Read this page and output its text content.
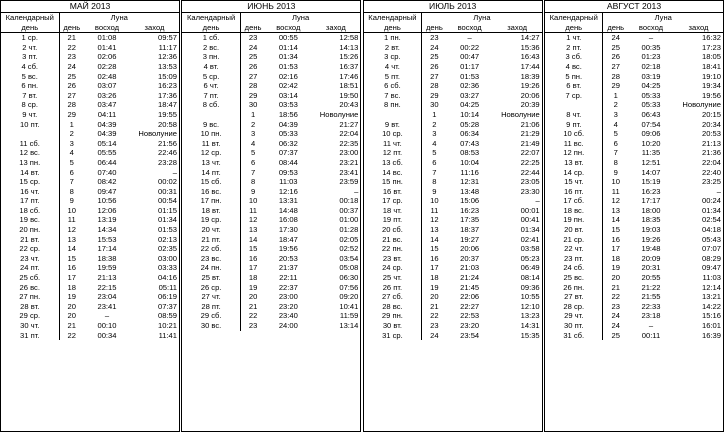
МАЙ 2013			
Календарный
день	Луна		
	день	восход	заход
1 ср.	21	01:08	09:57
2 чт.	22	01:41	11:17
3 пт.	23	02:06	12:36
4 сб.	24	02:28	13:53
5 вс.	25	02:48	15:09
6 пн.	26	03:07	16:23
7 вт.	27	03:26	17:36
8 ср.	28	03:47	18:47
9 чт.	29	04:11	19:55
10 пт.	1	04:39	20:58
	2	04:39	Новолуние
11 сб.	3	05:14	21:56
12 вс.	4	05:55	22:46
13 пн.	5	06:44	23:28
14 вт.	6	07:40	–
15 ср.	7	08:42	00:02
16 чт.	8	09:47	00:31
17 пт.	9	10:56	00:54
18 сб.	10	12:06	01:15
19 вс.	11	13:19	01:34
20 пн.	12	14:34	01:53
21 вт.	13	15:53	02:13
22 ср.	14	17:14	02:35
23 чт.	15	18:38	03:00
24 пт.	16	19:59	03:33
25 сб.	17	21:13	04:16
26 вс.	18	22:15	05:11
27 пн.	19	23:04	06:19
28 вт.	20	23:41	07:37
29 ср.	20	–	08:59
30 чт.	21	00:10	10:21
31 пт.	22	00:34	11:41
ИЮНЬ 2013			
Календарный
день	Луна		
	день	восход	заход
1 сб.	23	00:55	12:58
2 вс.	24	01:14	14:13
3 пн.	25	01:34	15:26
4 вт.	26	01:53	16:37
5 ср.	27	02:16	17:46
6 чт.	28	02:42	18:51
7 пт.	29	03:14	19:50
8 сб.	30	03:53	20:43
	1	18:56	Новолуние
9 вс.	2	04:39	21:27
10 пн.	3	05:33	22:04
11 вт.	4	06:32	22:35
12 ср.	5	07:37	23:00
13 чт.	6	08:44	23:21
14 пт.	7	09:53	23:41
15 сб.	8	11:03	23:59
16 вс.	9	12:16	–
17 пн.	10	13:31	00:18
18 вт.	11	14:48	00:37
19 ср.	12	16:08	01:00
20 чт.	13	17:30	01:28
21 пт.	14	18:47	02:05
22 сб.	15	19:56	02:52
23 вс.	16	20:53	03:54
24 пн.	17	21:37	05:08
25 вт.	18	22:11	06:30
26 ср.	19	22:37	07:56
27 чт.	20	23:00	09:20
28 пт.	21	23:20	10:41
29 сб.	22	23:40	11:59
30 вс.	23	24:00	13:14
ИЮЛЬ 2013			
Календарный
день	Луна		
	день	восход	заход
1 пн.	23	–	14:27
2 вт.	24	00:22	15:36
3 ср.	25	00:47	16:43
4 чт.	26	01:17	17:44
5 пт.	27	01:53	18:39
6 сб.	28	02:36	19:26
7 вс.	29	03:27	20:06
8 пн.	30	04:25	20:39
	1	10:14	Новолуние
9 вт.	2	05:28	21:06
10 ср.	3	06:34	21:29
11 чт.	4	07:43	21:49
12 пт.	5	08:53	22:07
13 сб.	6	10:04	22:25
14 вс.	7	11:16	22:44
15 пн.	8	12:31	23:05
16 вт.	9	13:48	23:30
17 ср.	10	15:06	–
18 чт.	11	16:23	00:01
19 пт.	12	17:35	00:41
20 сб.	13	18:37	01:34
21 вс.	14	19:27	02:41
22 пн.	15	20:06	03:58
23 вт.	16	20:37	05:23
24 ср.	17	21:03	06:49
25 чт.	18	21:24	08:14
26 пт.	19	21:45	09:36
27 сб.	20	22:06	10:55
28 вс.	21	22:27	12:10
29 пн.	22	22:53	13:23
30 вт.	23	23:20	14:31
31 ср.	24	23:54	15:35
АВГУСТ 2013			
Календарный
день	Луна		
	день	восход	заход
1 чт.	24	–	16:32
2 пт.	25	00:35	17:23
3 сб.	26	01:23	18:05
4 вс.	27	02:18	18:41
5 пн.	28	03:19	19:10
6 вт.	29	04:25	19:34
7 ср.	1	05:33	19:56
	2	05:33	Новолуние
8 чт.	3	06:43	20:15
9 пт.	4	07:54	20:34
10 сб.	5	09:06	20:53
11 вс.	6	10:20	21:13
12 пн.	7	11:35	21:36
13 вт.	8	12:51	22:04
14 ср.	9	14:07	22:40
15 чт.	10	15:19	23:25
16 пт.	11	16:23	–
17 сб.	12	17:17	00:24
18 вс.	13	18:00	01:34
19 пн.	14	18:35	02:54
20 вт.	15	19:03	04:18
21 ср.	16	19:26	05:43
22 чт.	17	19:48	07:07
23 пт.	18	20:09	08:29
24 сб.	19	20:31	09:47
25 вс.	20	20:55	11:03
26 пн.	21	21:22	12:14
27 вт.	22	21:55	13:21
28 ср.	23	22:33	14:22
29 чт.	24	23:18	15:16
30 пт.	24	–	16:01
31 сб.	25	00:11	16:39
